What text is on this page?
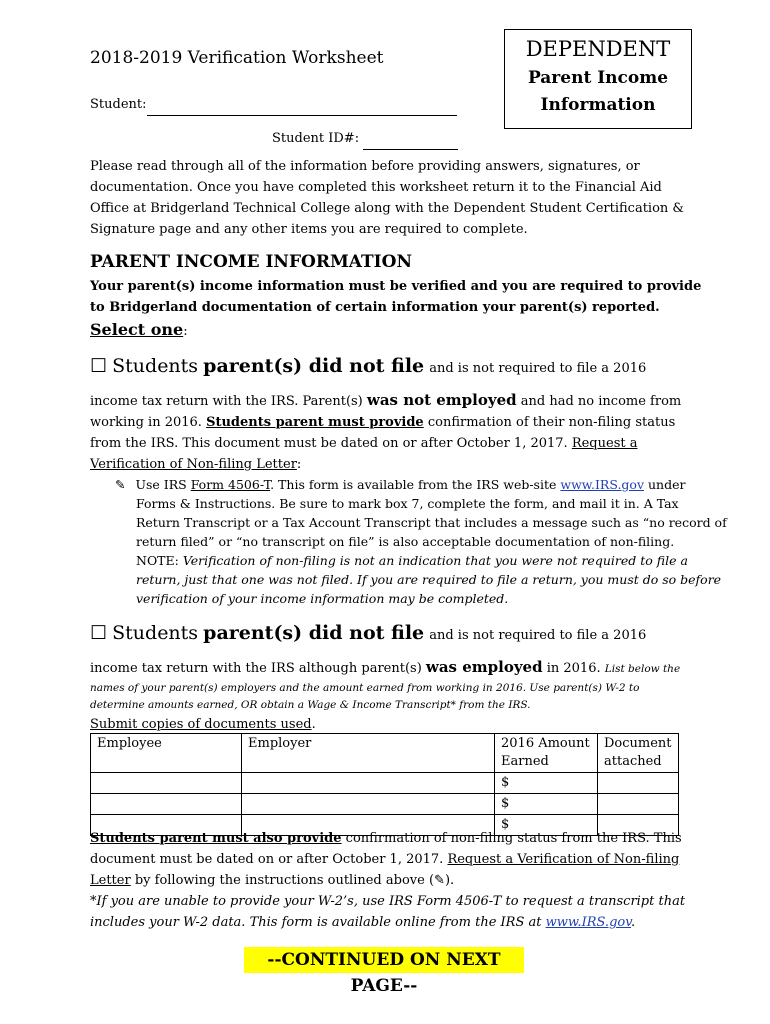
2018-2019 Verification Worksheet
Student:
Student ID#:
DEPENDENT
Parent Income
Information
Please read through all of the information before providing answers, signatures, or
documentation. Once you have completed this worksheet return it to the Financial Aid
Office at Bridgerland Technical College along with the Dependent Student Certification &
Signature page and any other items you are required to complete.
PARENT INCOME INFORMATION
Your parent(s) income information must be verified and you are required to provide
to Bridgerland documentation of certain information your parent(s) reported.
Select one:
☐ Students parent(s) did not file and is not required to file a 2016
income tax return with the IRS. Parent(s) was not employed and had no income from
working in 2016. Students parent must provide confirmation of their non-filing status
from the IRS. This document must be dated on or after October 1, 2017. Request a
Verification of Non-filing Letter:
✎ Use IRS Form 4506-T. This form is available from the IRS web-site www.IRS.gov under
Forms & Instructions. Be sure to mark box 7, complete the form, and mail it in. A Tax
Return Transcript or a Tax Account Transcript that includes a message such as “no record of
return filed” or “no transcript on file” is also acceptable documentation of non-filing.
NOTE: Verification of non-filing is not an indication that you were not required to file a
return, just that one was not filed. If you are required to file a return, you must do so before
verification of your income information may be completed.
☐ Students parent(s) did not file and is not required to file a 2016
income tax return with the IRS although parent(s) was employed in 2016. List below the
names of your parent(s) employers and the amount earned from working in 2016. Use parent(s) W-2 to
determine amounts earned, OR obtain a Wage & Income Transcript* from the IRS.
Submit copies of documents used.
Employee	Employer	2016 Amount Earned	Document attached
		$	
		$	
		$	
Students parent must also provide confirmation of non-filing status from the IRS. This
document must be dated on or after October 1, 2017. Request a Verification of Non-filing
Letter by following the instructions outlined above (✎).
*If you are unable to provide your W-2’s, use IRS Form 4506-T to request a transcript that
includes your W-2 data. This form is available online from the IRS at www.IRS.gov.
--CONTINUED ON NEXT PAGE--
